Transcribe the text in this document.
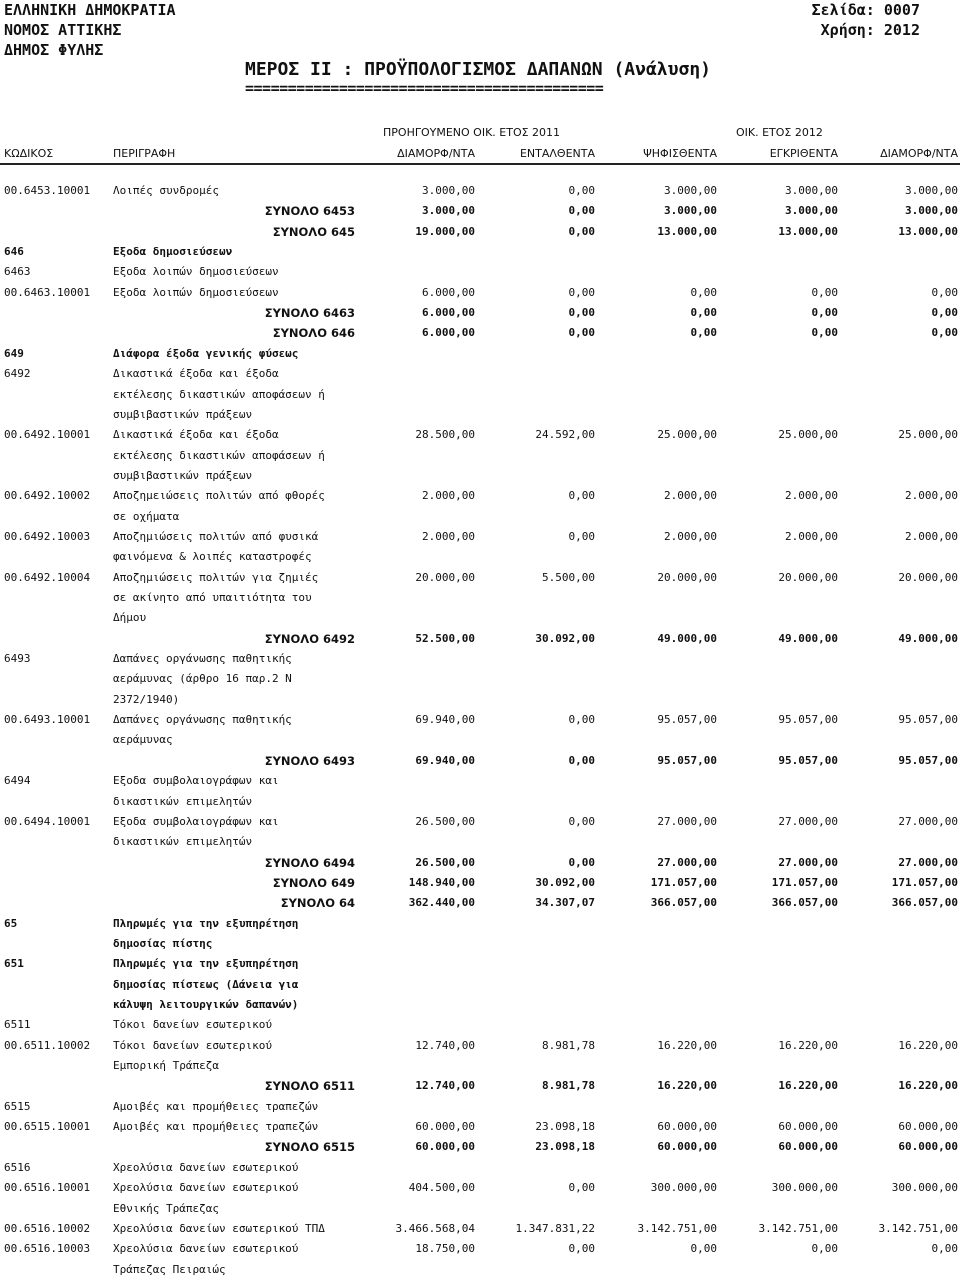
ΕΛΛΗΝΙΚΗ ΔΗΜΟΚΡΑΤΙΑ
ΝΟΜΟΣ ΑΤΤΙΚΗΣ
ΔΗΜΟΣ ΦΥΛΗΣ
Σελίδα: 0007
Χρήση: 2012
ΜΕΡΟΣ ΙΙ : ΠΡΟΫΠΟΛΟΓΙΣΜΟΣ ΔΑΠΑΝΩΝ (Ανάλυση)
==========================================
ΠΡΟΗΓΟΥΜΕΝΟ ΟΙΚ. ΕΤΟΣ 2011	ΟΙΚ. ΕΤΟΣ 2012
ΚΩΔΙΚΟΣ	ΠΕΡΙΓΡΑΦΗ	ΔΙΑΜΟΡΦ/ΝΤΑ	ΕΝΤΑΛΘΕΝΤΑ	ΨΗΦΙΣΘΕΝΤΑ	ΕΓΚΡΙΘΕΝΤΑ	ΔΙΑΜΟΡΦ/ΝΤΑ
00.6453.10001 Λοιπές συνδρομές	3.000,00	0,00	3.000,00	3.000,00	3.000,00
ΣΥΝΟΛΟ 6453	3.000,00	0,00	3.000,00	3.000,00	3.000,00
ΣΥΝΟΛΟ 645	19.000,00	0,00	13.000,00	13.000,00	13.000,00
646	Εξοδα δημοσιεύσεων
6463	Εξοδα λοιπών δημοσιεύσεων
00.6463.10001 Εξοδα λοιπών δημοσιεύσεων	6.000,00	0,00	0,00	0,00	0,00
ΣΥΝΟΛΟ 6463	6.000,00	0,00	0,00	0,00	0,00
ΣΥΝΟΛΟ 646	6.000,00	0,00	0,00	0,00	0,00
649	Διάφορα έξοδα γενικής φύσεως
6492	Δικαστικά έξοδα και έξοδα
εκτέλεσης δικαστικών αποφάσεων ή
συμβιβαστικών πράξεων
00.6492.10001 Δικαστικά έξοδα και έξοδα	28.500,00	24.592,00	25.000,00	25.000,00	25.000,00
εκτέλεσης δικαστικών αποφάσεων ή
συμβιβαστικών πράξεων
00.6492.10002 Αποζημειώσεις πολιτών από φθορές	2.000,00	0,00	2.000,00	2.000,00	2.000,00
σε οχήματα
00.6492.10003 Αποζημιώσεις πολιτών από φυσικά	2.000,00	0,00	2.000,00	2.000,00	2.000,00
φαινόμενα & λοιπές καταστροφές
00.6492.10004 Αποζημιώσεις πολιτών για ζημιές	20.000,00	5.500,00	20.000,00	20.000,00	20.000,00
σε ακίνητο από υπαιτιότητα του
Δήμου
ΣΥΝΟΛΟ 6492	52.500,00	30.092,00	49.000,00	49.000,00	49.000,00
6493	Δαπάνες οργάνωσης παθητικής
αεράμυνας (άρθρο 16 παρ.2 Ν
2372/1940)
00.6493.10001 Δαπάνες οργάνωσης παθητικής	69.940,00	0,00	95.057,00	95.057,00	95.057,00
αεράμυνας
ΣΥΝΟΛΟ 6493	69.940,00	0,00	95.057,00	95.057,00	95.057,00
6494	Εξοδα συμβολαιογράφων και
δικαστικών επιμελητών
00.6494.10001 Εξοδα συμβολαιογράφων και	26.500,00	0,00	27.000,00	27.000,00	27.000,00
δικαστικών επιμελητών
ΣΥΝΟΛΟ 6494	26.500,00	0,00	27.000,00	27.000,00	27.000,00
ΣΥΝΟΛΟ 649	148.940,00	30.092,00	171.057,00	171.057,00	171.057,00
ΣΥΝΟΛΟ 64	362.440,00	34.307,07	366.057,00	366.057,00	366.057,00
65	Πληρωμές για την εξυπηρέτηση
δημοσίας πίστης
651	Πληρωμές για την εξυπηρέτηση
δημοσίας πίστεως (Δάνεια για
κάλυψη λειτουργικών δαπανών)
6511	Τόκοι δανείων εσωτερικού
00.6511.10002 Τόκοι δανείων εσωτερικού	12.740,00	8.981,78	16.220,00	16.220,00	16.220,00
Εμπορική Τράπεζα
ΣΥΝΟΛΟ 6511	12.740,00	8.981,78	16.220,00	16.220,00	16.220,00
6515	Αμοιβές και προμήθειες τραπεζών
00.6515.10001 Αμοιβές και προμήθειες τραπεζών	60.000,00	23.098,18	60.000,00	60.000,00	60.000,00
ΣΥΝΟΛΟ 6515	60.000,00	23.098,18	60.000,00	60.000,00	60.000,00
6516	Χρεολύσια δανείων εσωτερικού
00.6516.10001 Χρεολύσια δανείων εσωτερικού	404.500,00	0,00	300.000,00	300.000,00	300.000,00
Εθνικής Τράπεζας
00.6516.10002 Χρεολύσια δανείων εσωτερικού ΤΠΔ	3.466.568,04	1.347.831,22	3.142.751,00	3.142.751,00	3.142.751,00
00.6516.10003 Χρεολύσια δανείων εσωτερικού	18.750,00	0,00	0,00	0,00	0,00
Τράπεζας Πειραιώς
